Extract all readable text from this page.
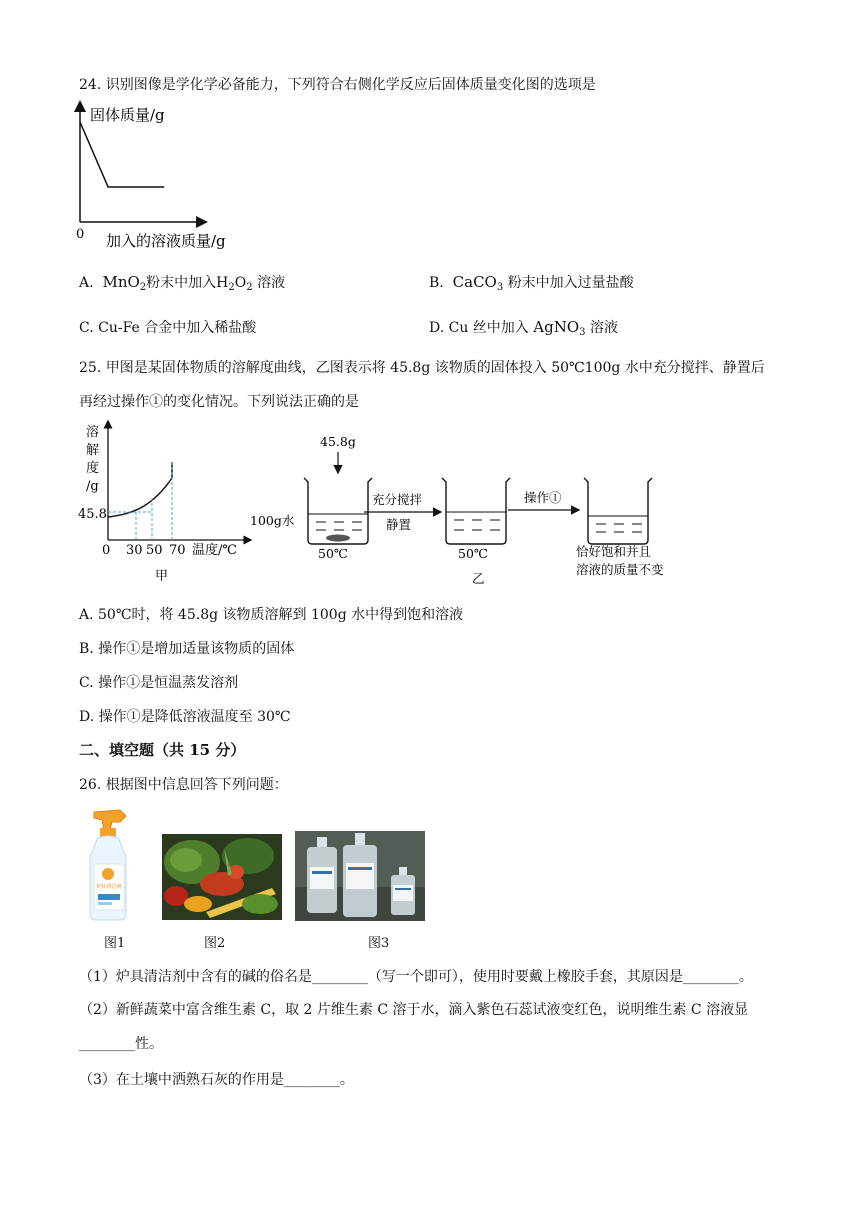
24. 识别图像是学化学必备能力，下列符合右侧化学反应后固体质量变化图的选项是
固体质量/g
0 加入的溶液质量/g
A. MnO$_2$粉末中加入$H_2O_2$ 溶液	B. CaCO$_3$ 粉末中加入过量盐酸
C. Cu-Fe 合金中加入稀盐酸	D. Cu 丝中加入 AgNO$_3$ 溶液
25. 甲图是某固体物质的溶解度曲线，乙图表示将 45.8g 该物质的固体投入 50℃100g 水中充分搅拌、静置后
再经过操作①的变化情况。下列说法正确的是
溶
解
度
/g
45.8
0 30 50 70 温度/℃
甲
45.8g
100g水
50℃	50℃
充分搅拌
静置
操作①
恰好饱和并且
溶液的质量不变
乙
A. 50℃时，将 45.8g 该物质溶解到 100g 水中得到饱和溶液
B. 操作①是增加适量该物质的固体
C. 操作①是恒温蒸发溶剂
D. 操作①是降低溶液温度至 30℃
二、填空题（共 15 分）
26. 根据图中信息回答下列问题：
炉灶清洁剂
图1	图2	图3
（1）炉具清洁剂中含有的碱的俗名是________（写一个即可），使用时要戴上橡胶手套，其原因是________。
（2）新鲜蔬菜中富含维生素 C，取 2 片维生素 C 溶于水，滴入紫色石蕊试液变红色，说明维生素 C 溶液显
________性。
（3）在土壤中洒熟石灰的作用是________。
